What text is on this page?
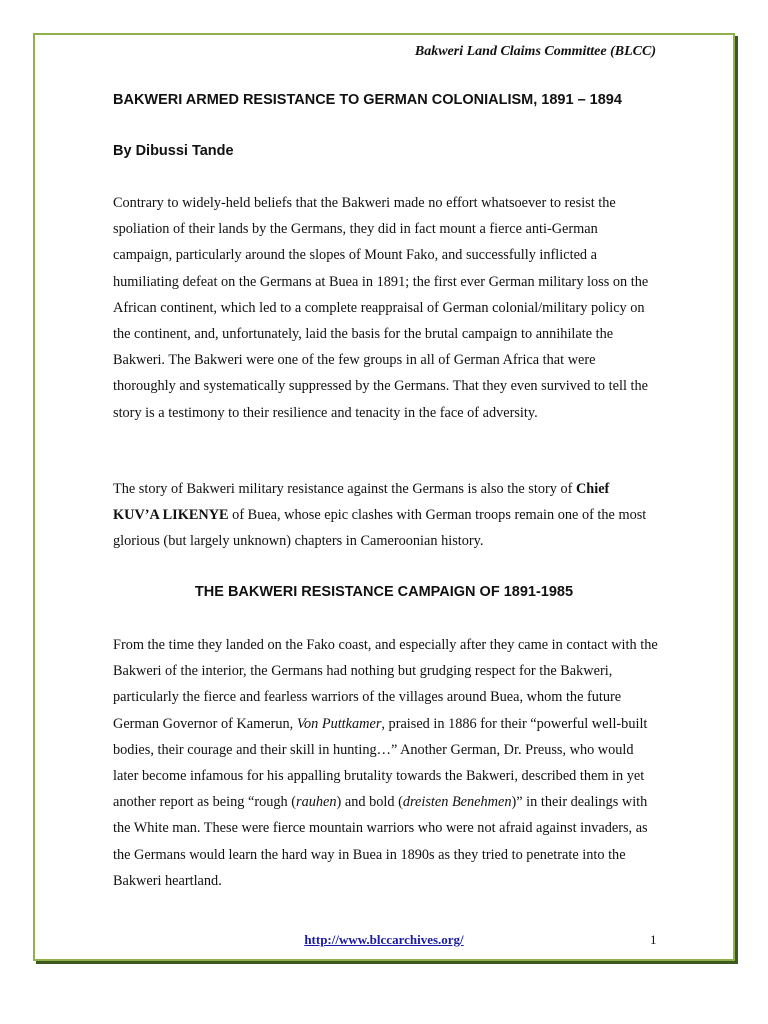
Bakweri Land Claims Committee (BLCC)
BAKWERI ARMED RESISTANCE TO GERMAN COLONIALISM, 1891 – 1894
By Dibussi Tande
Contrary to widely-held beliefs that the Bakweri made no effort whatsoever to resist the spoliation of their lands by the Germans, they did in fact mount a fierce anti-German campaign, particularly around the slopes of Mount Fako, and successfully inflicted a humiliating defeat on the Germans at Buea in 1891; the first ever German military loss on the African continent, which led to a complete reappraisal of German colonial/military policy on the continent, and, unfortunately, laid the basis for the brutal campaign to annihilate the Bakweri. The Bakweri were one of the few groups in all of German Africa that were thoroughly and systematically suppressed by the Germans. That they even survived to tell the story is a testimony to their resilience and tenacity in the face of adversity.
The story of Bakweri military resistance against the Germans is also the story of Chief KUV’A LIKENYE of Buea, whose epic clashes with German troops remain one of the most glorious (but largely unknown) chapters in Cameroonian history.
THE BAKWERI RESISTANCE CAMPAIGN OF 1891-1985
From the time they landed on the Fako coast, and especially after they came in contact with the Bakweri of the interior, the Germans had nothing but grudging respect for the Bakweri, particularly the fierce and fearless warriors of the villages around Buea, whom the future German Governor of Kamerun, Von Puttkamer, praised in 1886 for their “powerful well-built bodies, their courage and their skill in hunting…” Another German, Dr. Preuss, who would later become infamous for his appalling brutality towards the Bakweri, described them in yet another report as being “rough (rauhen) and bold (dreisten Benehmen)” in their dealings with the White man. These were fierce mountain warriors who were not afraid against invaders, as the Germans would learn the hard way in Buea in 1890s as they tried to penetrate into the Bakweri heartland.
http://www.blccarchives.org/	1
